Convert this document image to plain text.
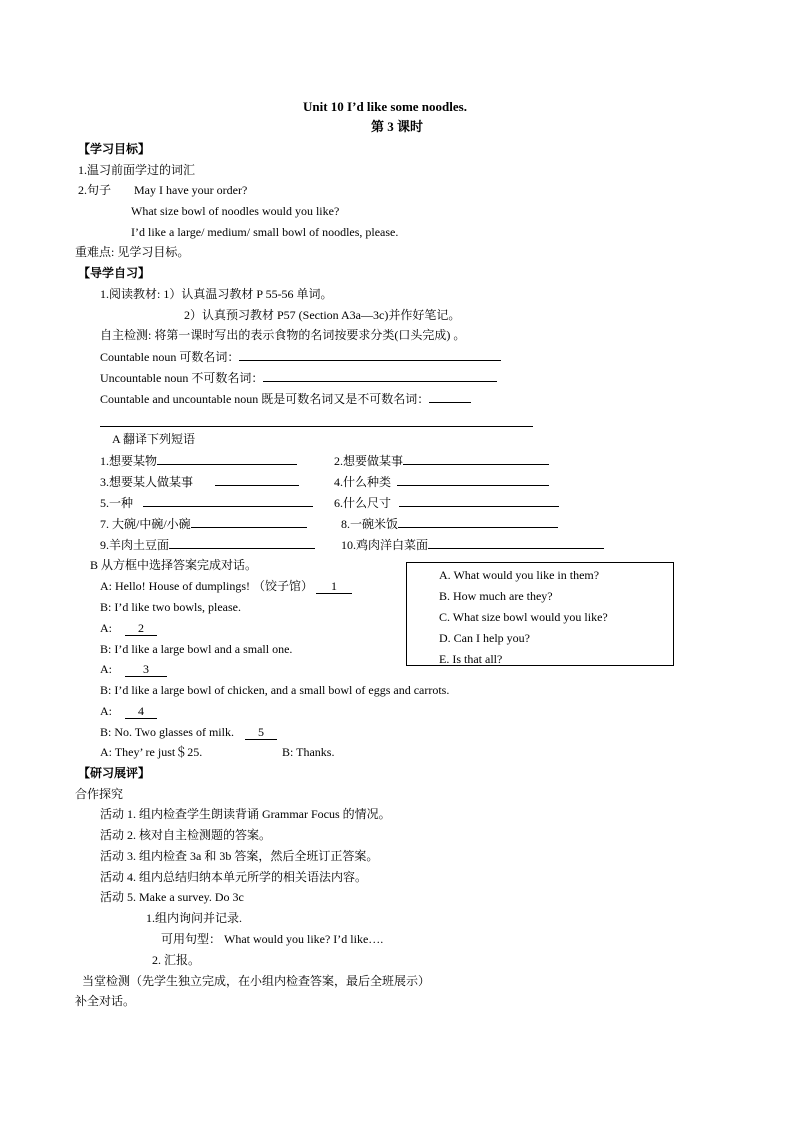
Unit 10 I’d like some noodles.
第 3 课时
【学习目标】
1.温习前面学过的词汇
2.句子 May I have your order?
What size bowl of noodles would you like?
I’d like a large/ medium/ small bowl of noodles, please.
重难点: 见学习目标。
【导学自习】
1.阅读教材: 1）认真温习教材 P 55-56 单词。
2）认真预习教材 P57 (Section A3a—3c)并作好笔记。
自主检测: 将第一课时写出的表示食物的名词按要求分类(口头完成) 。
Countable noun 可数名词：
Uncountable noun 不可数名词：
Countable and uncountable noun 既是可数名词又是不可数名词：
A 翻译下列短语
1.想要某物	2.想要做某事
3.想要某人做某事	4.什么种类
5.一种	6.什么尺寸
7. 大碗/中碗/小碗	8.一碗米饭
9.羊肉土豆面	10.鸡肉洋白菜面
B 从方框中选择答案完成对话。
A: Hello! House of dumplings! （饺子馆） 1
B: I’d like two bowls, please.
A: 2
B: I’d like a large bowl and a small one.
A:	3
B: I’d like a large bowl of chicken, and a small bowl of eggs and carrots.
A: 4
B: No. Two glasses of milk. 5
A: They’ re just＄25.	B: Thanks.
A. What would you like in them?
B. How much are they?
C. What size bowl would you like?
D. Can I help you?
E. Is that all?
【研习展评】
合作探究
活动 1. 组内检查学生朗读背诵 Grammar Focus 的情况。
活动 2. 核对自主检测题的答案。
活动 3. 组内检查 3a 和 3b 答案，然后全班订正答案。
活动 4. 组内总结归纳本单元所学的相关语法内容。
活动 5. Make a survey. Do 3c
1.组内询问并记录.
可用句型： What would you like? I’d like….
2. 汇报。
当堂检测（先学生独立完成，在小组内检查答案，最后全班展示）
补全对话。
